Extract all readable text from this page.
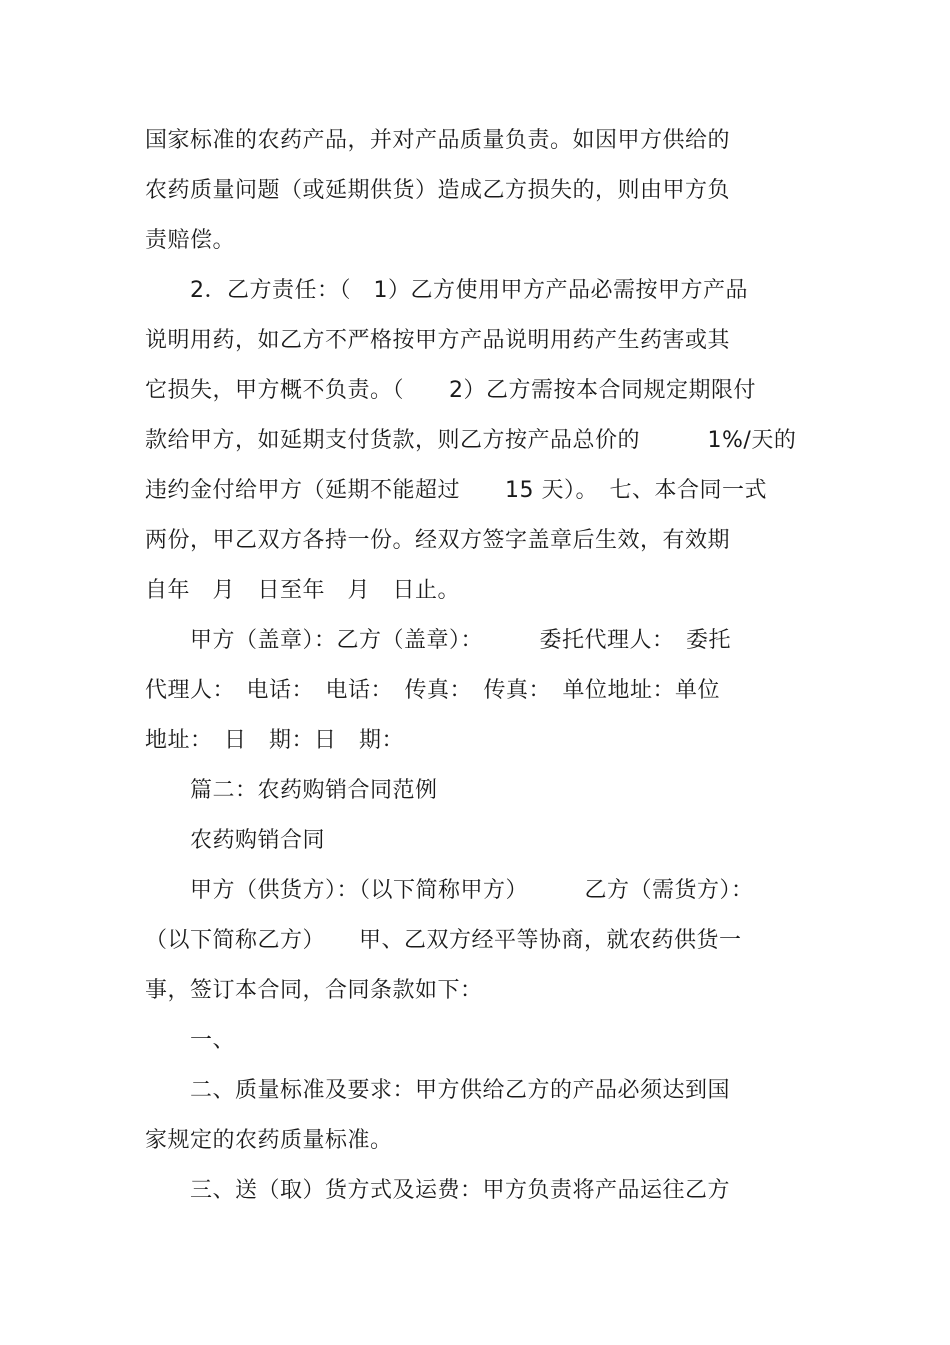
国家标准的农药产品，并对产品质量负责。如因甲方供给的

农药质量问题（或延期供货）造成乙方损失的，则由甲方负

责赔偿。

　　2．乙方责任：（　1）乙方使用甲方产品必需按甲方产品

说明用药，如乙方不严格按甲方产品说明用药产生药害或其

它损失，甲方概不负责。（　　2）乙方需按本合同规定期限付

款给甲方，如延期支付货款，则乙方按产品总价的　　　1%/天的

违约金付给甲方（延期不能超过　　15 天）。　七、本合同一式

两份，甲乙双方各持一份。经双方签字盖章后生效，有效期

自年　月　日至年　月　日止。

　　甲方（盖章）：乙方（盖章）：　　　委托代理人：　委托

代理人：　电话：　电话：　传真：　传真：　单位地址：单位

地址：　日　期：日　期：

　　篇二：农药购销合同范例

　　农药购销合同

　　甲方（供货方）：（以下简称甲方）　　　乙方（需货方）：

（以下简称乙方）　　甲、乙双方经平等协商，就农药供货一

事，签订本合同，合同条款如下：

　　一、

　　二、质量标准及要求：甲方供给乙方的产品必须达到国

家规定的农药质量标准。

　　三、送（取）货方式及运费：甲方负责将产品运往乙方
